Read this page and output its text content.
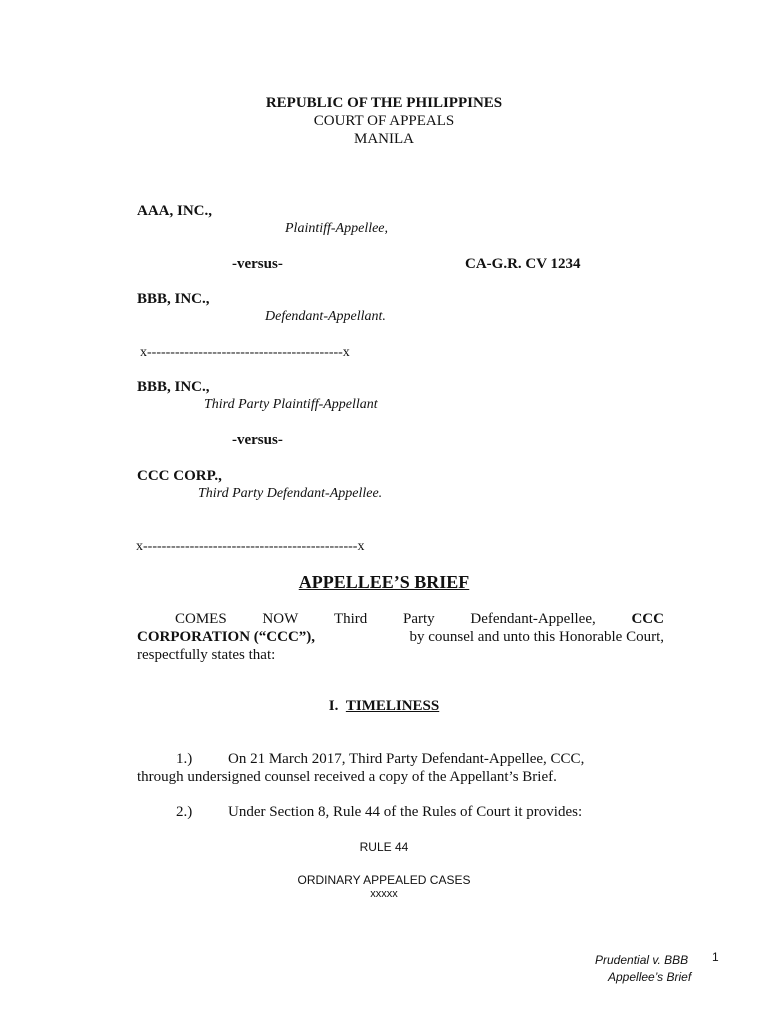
REPUBLIC OF THE PHILIPPINES
COURT OF APPEALS
MANILA
AAA, INC.,
Plaintiff-Appellee,
-versus-	CA-G.R. CV 1234
BBB, INC.,
Defendant-Appellant.
x------------------------------------------x
BBB, INC.,
Third Party Plaintiff-Appellant
-versus-
CCC CORP.,
Third Party Defendant-Appellee.
x----------------------------------------------x
APPELLEE’S BRIEF
COMES NOW Third Party Defendant-Appellee, CCC
CORPORATION (“CCC”),	by counsel and unto this Honorable Court,
respectfully states that:
I. TIMELINESS
1.) On 21 March 2017, Third Party Defendant-Appellee, CCC,
through undersigned counsel received a copy of the Appellant’s Brief.
2.) Under Section 8, Rule 44 of the Rules of Court it provides:
RULE 44
ORDINARY APPEALED CASES
xxxxx
Prudential v. BBB 1
Appellee’s Brief
